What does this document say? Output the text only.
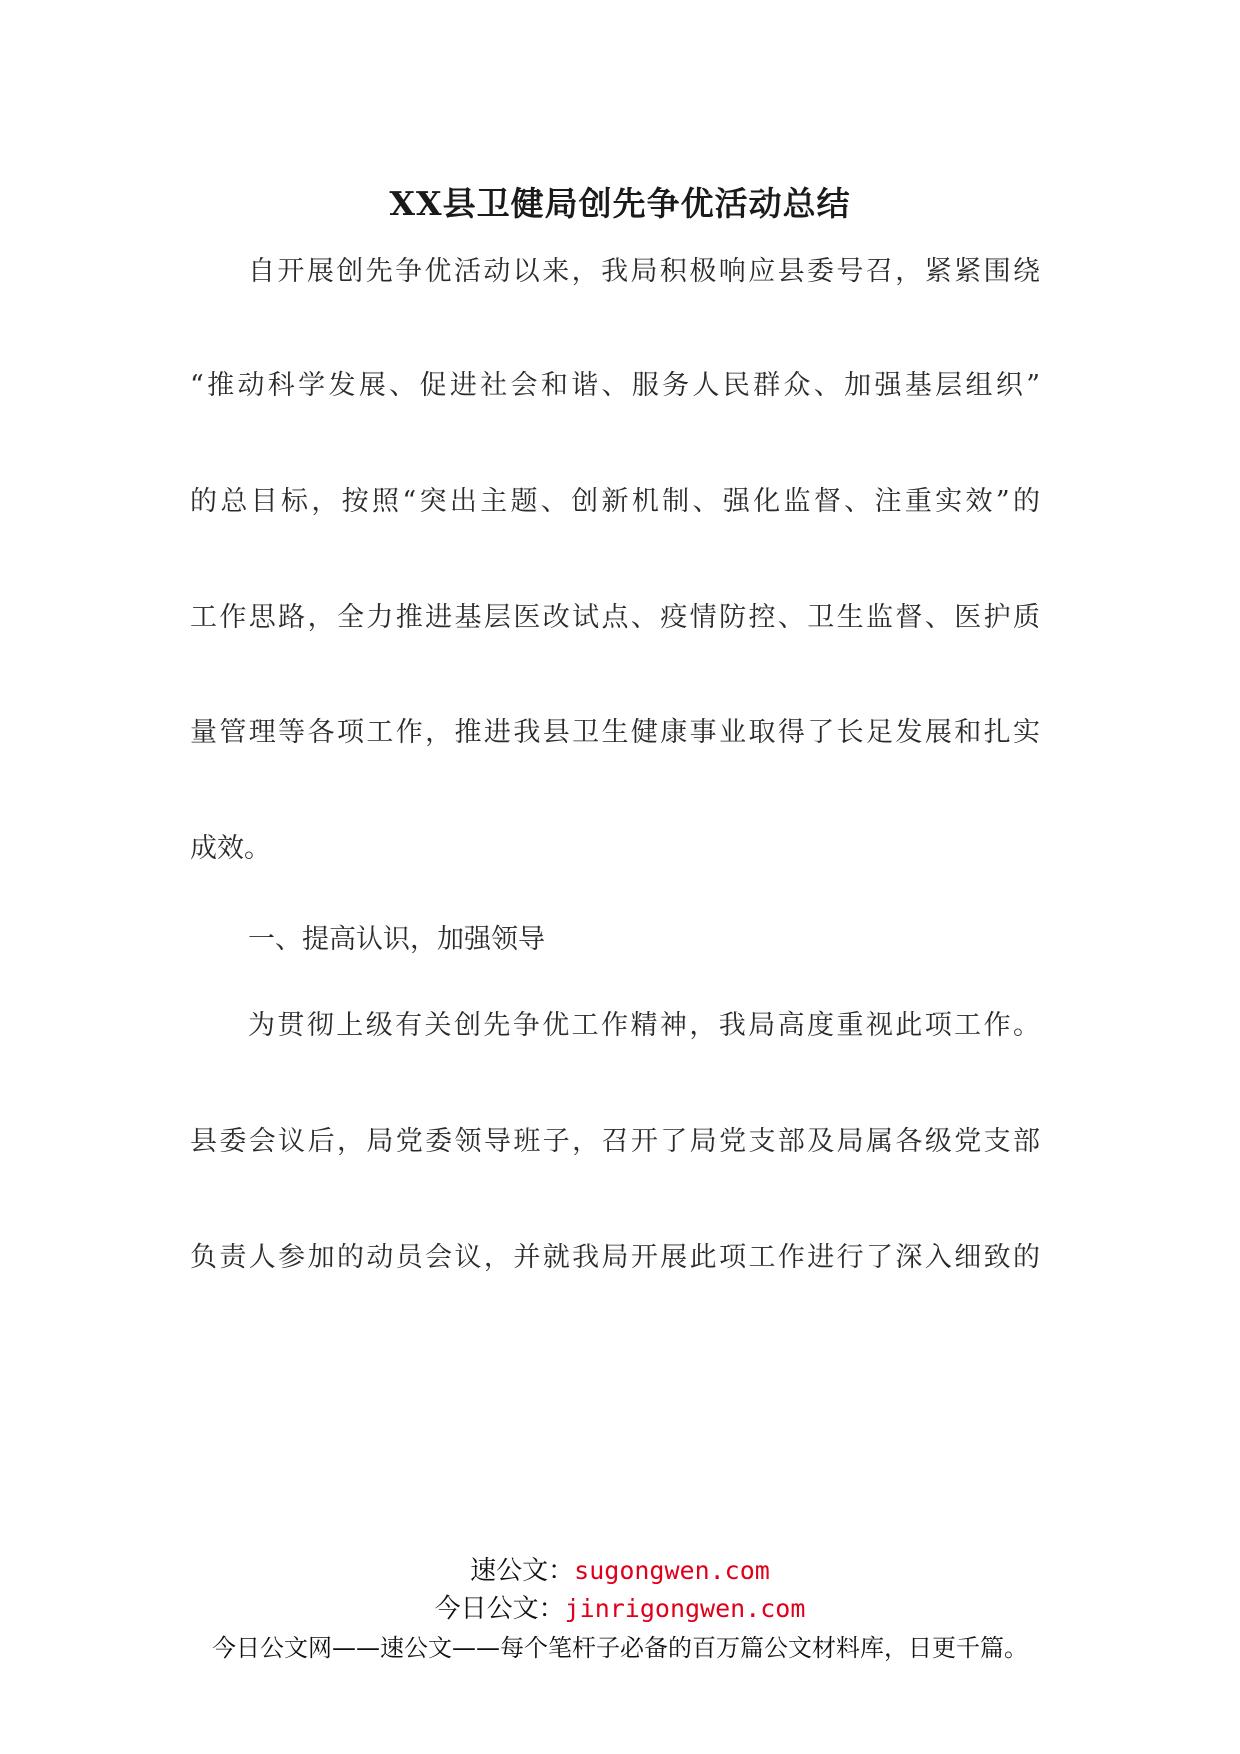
XX县卫健局创先争优活动总结
自开展创先争优活动以来，我局积极响应县委号召，紧紧围绕
“推动科学发展、促进社会和谐、服务人民群众、加强基层组织”
的总目标，按照“突出主题、创新机制、强化监督、注重实效”的
工作思路，全力推进基层医改试点、疫情防控、卫生监督、医护质
量管理等各项工作，推进我县卫生健康事业取得了长足发展和扎实
成效。
一、提高认识，加强领导
为贯彻上级有关创先争优工作精神，我局高度重视此项工作。
县委会议后，局党委领导班子，召开了局党支部及局属各级党支部
负责人参加的动员会议，并就我局开展此项工作进行了深入细致的
速公文：sugongwen.com
今日公文：jinrigongwen.com
今日公文网——速公文——每个笔杆子必备的百万篇公文材料库，日更千篇。
